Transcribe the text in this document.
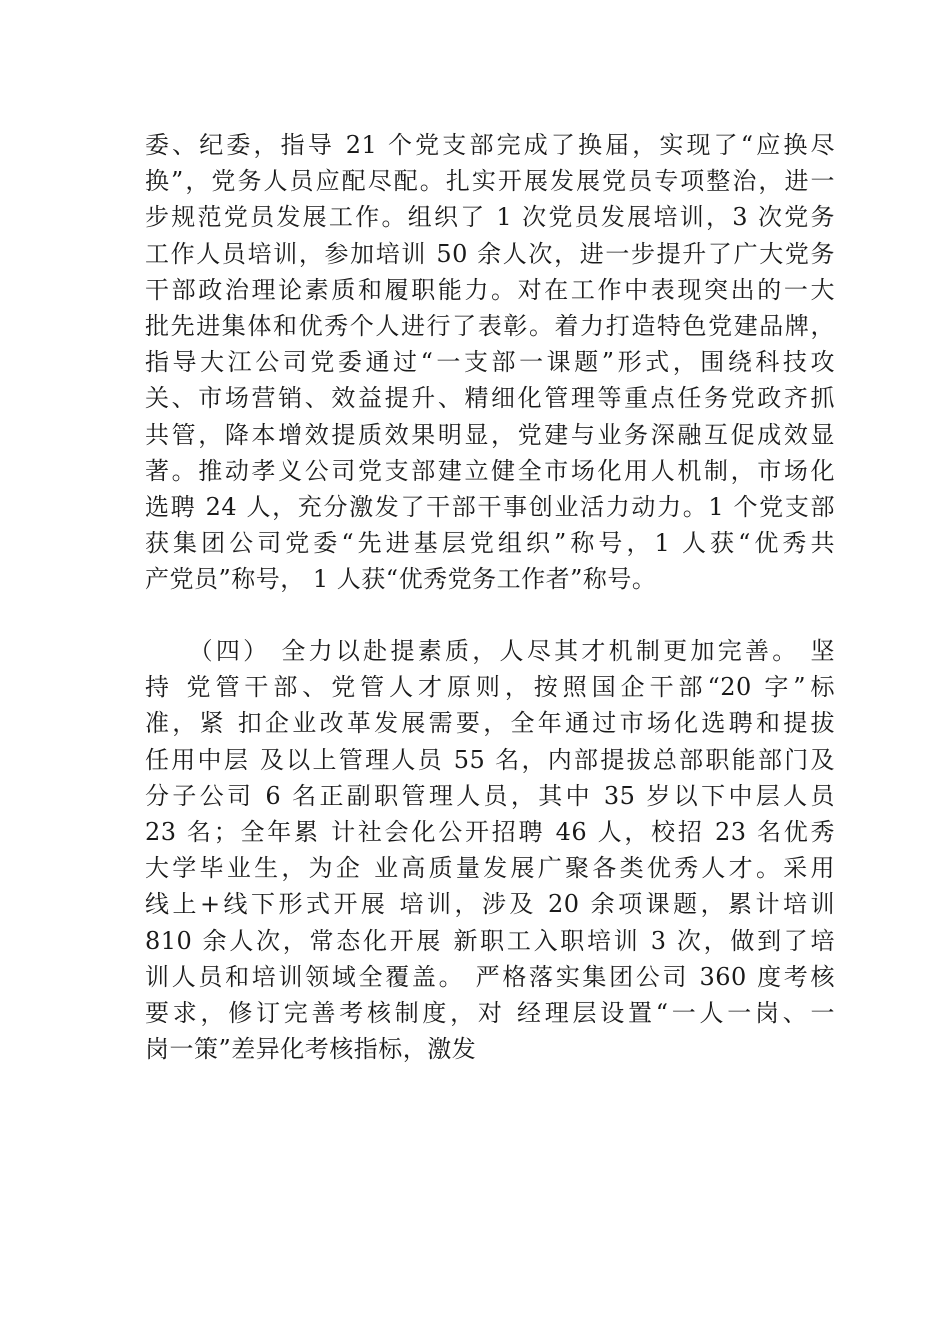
委、纪委，指导 21 个党支部完成了换届，实现了“应换尽
换”，党务人员应配尽配。扎实开展发展党员专项整治，进一
步规范党员发展工作。组织了 1 次党员发展培训，3 次党务
工作人员培训，参加培训 50 余人次，进一步提升了广大党务
干部政治理论素质和履职能力。对在工作中表现突出的一大
批先进集体和优秀个人进行了表彰。着力打造特色党建品牌，
指导大江公司党委通过“一支部一课题”形式，围绕科技攻
关、市场营销、效益提升、精细化管理等重点任务党政齐抓
共管，降本增效提质效果明显，党建与业务深融互促成效显
著。推动孝义公司党支部建立健全市场化用人机制，市场化
选聘 24 人，充分激发了干部干事创业活力动力。1 个党支部
获集团公司党委“先进基层党组织”称号，1 人获“优秀共
产党员”称号， 1 人获“优秀党务工作者”称号。
（四） 全力以赴提素质，人尽其才机制更加完善。 坚
持 党管干部、党管人才原则，按照国企干部“20 字”标
准，紧 扣企业改革发展需要，全年通过市场化选聘和提拔
任用中层 及以上管理人员 55 名，内部提拔总部职能部门及
分子公司 6 名正副职管理人员，其中 35 岁以下中层人员
23 名；全年累 计社会化公开招聘 46 人，校招 23 名优秀
大学毕业生，为企 业高质量发展广聚各类优秀人才。采用
线上+线下形式开展 培训，涉及 20 余项课题，累计培训
810 余人次，常态化开展 新职工入职培训 3 次，做到了培
训人员和培训领域全覆盖。 严格落实集团公司 360 度考核
要求，修订完善考核制度，对 经理层设置“一人一岗、一
岗一策”差异化考核指标，激发
